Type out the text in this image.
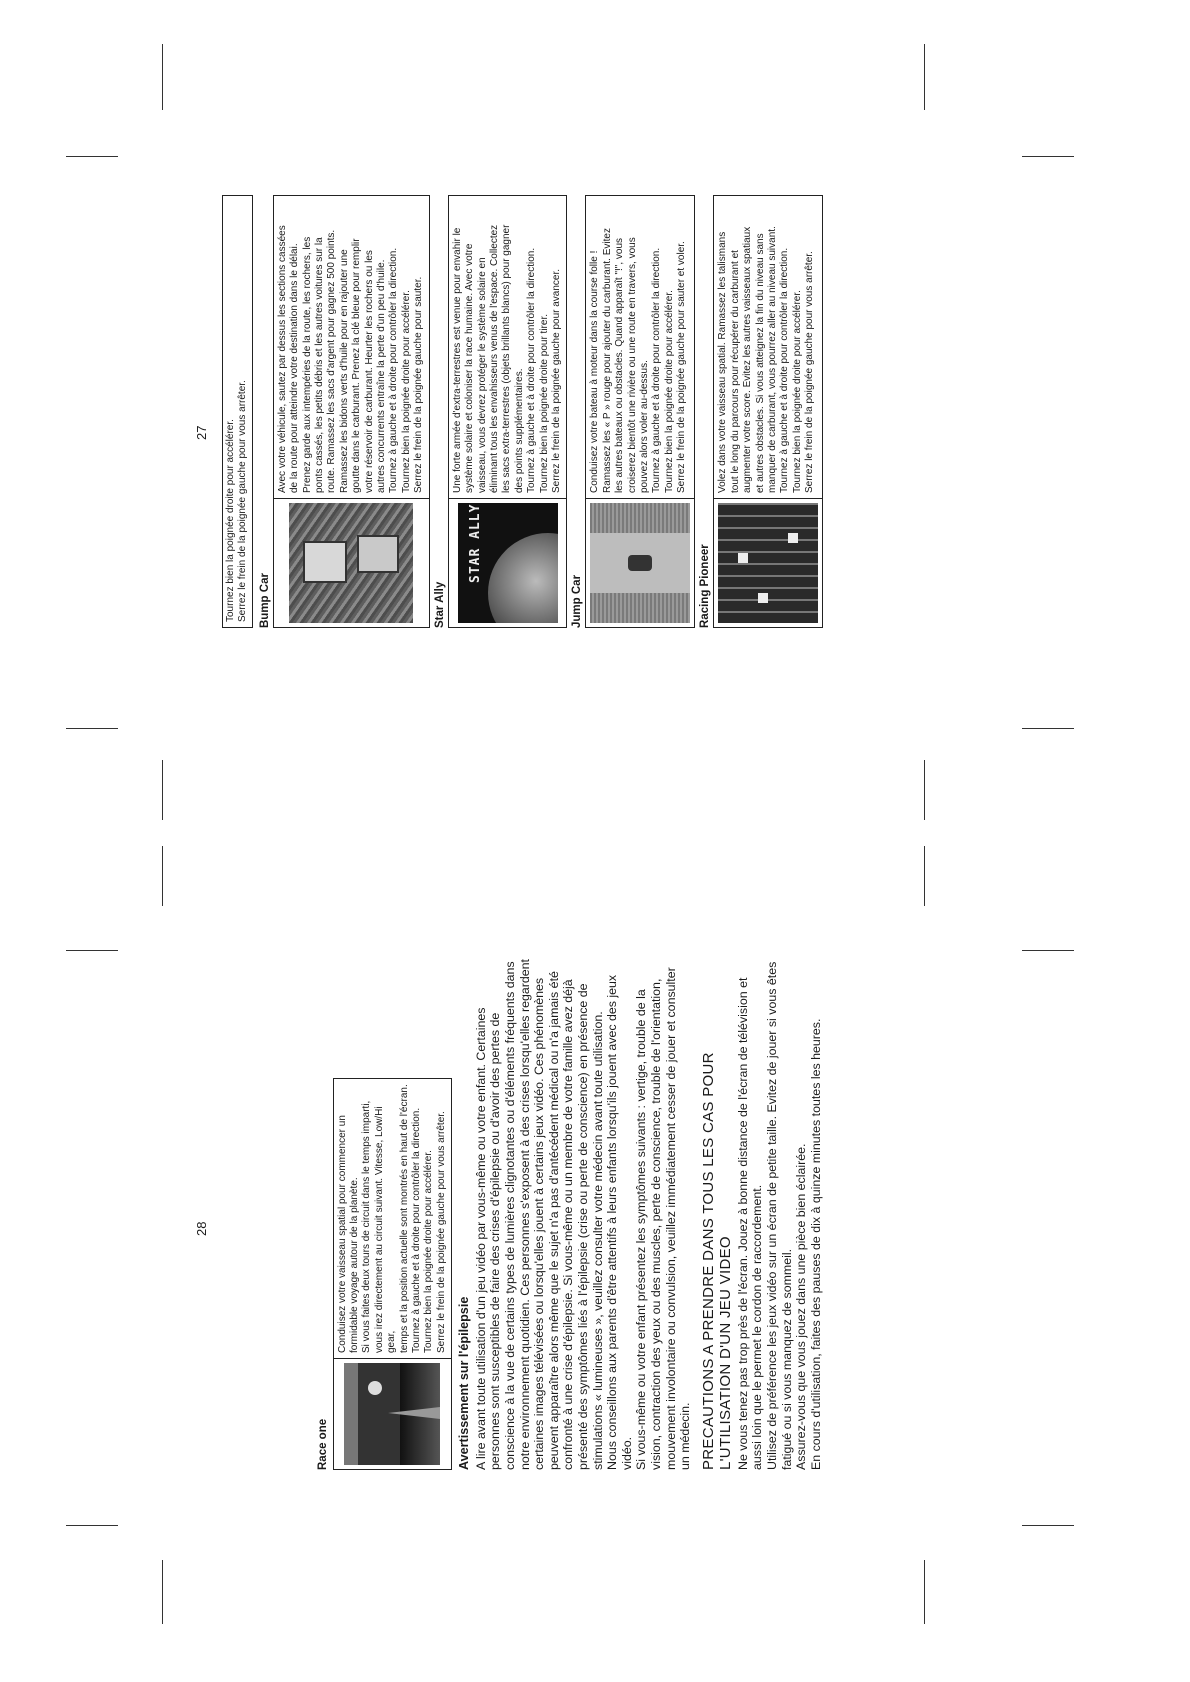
Tournez bien la poignée droite pour accélérer. Serrez le frein de la poignée gauche pour vous arrêter. Bump Car

Avec votre véhicule, sautez par dessus les sections cassées de la route pour atteindre votre destination dans le délai. Prenez garde aux intempéries de la route, les rochers, les ponts cassés, les petits débris et les autres voitures sur la route. Ramassez les sacs d'argent pour gagnez 500 points. Ramassez les bidons verts d'huile pour en rajouter une goutte dans le carburant. Prenez la clé bleue pour remplir votre réservoir de carburant. Heurter les rochers ou les autres concurrents entraîne la perte d'un peu d'huile. Tournez à gauche et à droite pour contrôler la direction. Tournez bien la poignée droite pour accélérer. Serrez le frein de la poignée gauche pour sauter.

Star Ally
STAR ALLY

Une forte armée d'extra-terrestres est venue pour envahir le système solaire et coloniser la race humaine. Avec votre vaisseau, vous devrez protéger le système solaire en éliminant tous les envahisseurs venus de l'espace. Collectez les sacs extra-terrestres (objets brillants blancs) pour gagner des points supplémentaires. Tournez à gauche et à droite pour contrôler la direction. Tournez bien la poignée droite pour tirer. Serrez le frein de la poignée gauche pour avancer.

Jump Car

Conduisez votre bateau à moteur dans la course folle ! Ramassez les « P » rouge pour ajouter du carburant. Evitez les autres bateaux ou obstacles. Quand apparaît "!", vous croiserez bientôt une rivière ou une route en travers, vous pouvez alors voler au-dessus. Tournez à gauche et à droite pour contrôler la direction. Tournez bien la poignée droite pour accélérer. Serrez le frein de la poignée gauche pour sauter et voler.

Racing Pioneer

Volez dans votre vaisseau spatial. Ramassez les talismans tout le long du parcours pour récupérer du carburant et augmenter votre score. Evitez les autres vaisseaux spatiaux et autres obstacles. Si vous atteignez la fin du niveau sans manquer de carburant, vous pourrez aller au niveau suivant. Tournez à gauche et à droite pour contrôler la direction. Tournez bien la poignée droite pour accélérer. Serrez le frein de la poignée gauche pour vous arrêter.

27
Race one

Conduisez votre vaisseau spatial pour commencer un formidable voyage autour de la planète. Si vous faites deux tours de circuit dans le temps imparti, vous irez directement au circuit suivant. Vitesse, Low/Hi gear, temps et la position actuelle sont montrés en haut de l'écran. Tournez à gauche et à droite pour contrôler la direction. Tournez bien la poignée droite pour accélérer. Serrez le frein de la poignée gauche pour vous arrêter.

Avertissement sur l'épilepsie A lire avant toute utilisation d'un jeu vidéo par vous-même ou votre enfant. Certaines personnes sont susceptibles de faire des crises d'épilepsie ou d'avoir des pertes de conscience à la vue de certains types de lumières clignotantes ou d'éléments fréquents dans notre environnement quotidien. Ces personnes s'exposent à des crises lorsqu'elles regardent certaines images télévisées ou lorsqu'elles jouent à certains jeux vidéo. Ces phénomènes peuvent apparaître alors même que le sujet n'a pas d'antécédent médical ou n'a jamais été confronté à une crise d'épilepsie. Si vous-même ou un membre de votre famille avez déjà présenté des symptômes liés à l'épilepsie (crise ou perte de conscience) en présence de stimulations « lumineuses », veuillez consulter votre médecin avant toute utilisation. Nous conseillons aux parents d'être attentifs à leurs enfants lorsqu'ils jouent avec des jeux vidéo. Si vous-même ou votre enfant présentez les symptômes suivants : vertige, trouble de la vision, contraction des yeux ou des muscles, perte de conscience, trouble de l'orientation, mouvement involontaire ou convulsion, veuillez immédiatement cesser de jouer et consulter un médecin. PRECAUTIONS A PRENDRE DANS TOUS LES CAS POUR L'UTILISATION D'UN JEU VIDEO Ne vous tenez pas trop près de l'écran. Jouez à bonne distance de l'écran de télévision et aussi loin que le permet le cordon de raccordement. Utilisez de préférence les jeux vidéo sur un écran de petite taille. Evitez de jouer si vous êtes fatigué ou si vous manquez de sommeil. Assurez-vous que vous jouez dans une pièce bien éclairée. En cours d'utilisation, faites des pauses de dix à quinze minutes toutes les heures.

28
